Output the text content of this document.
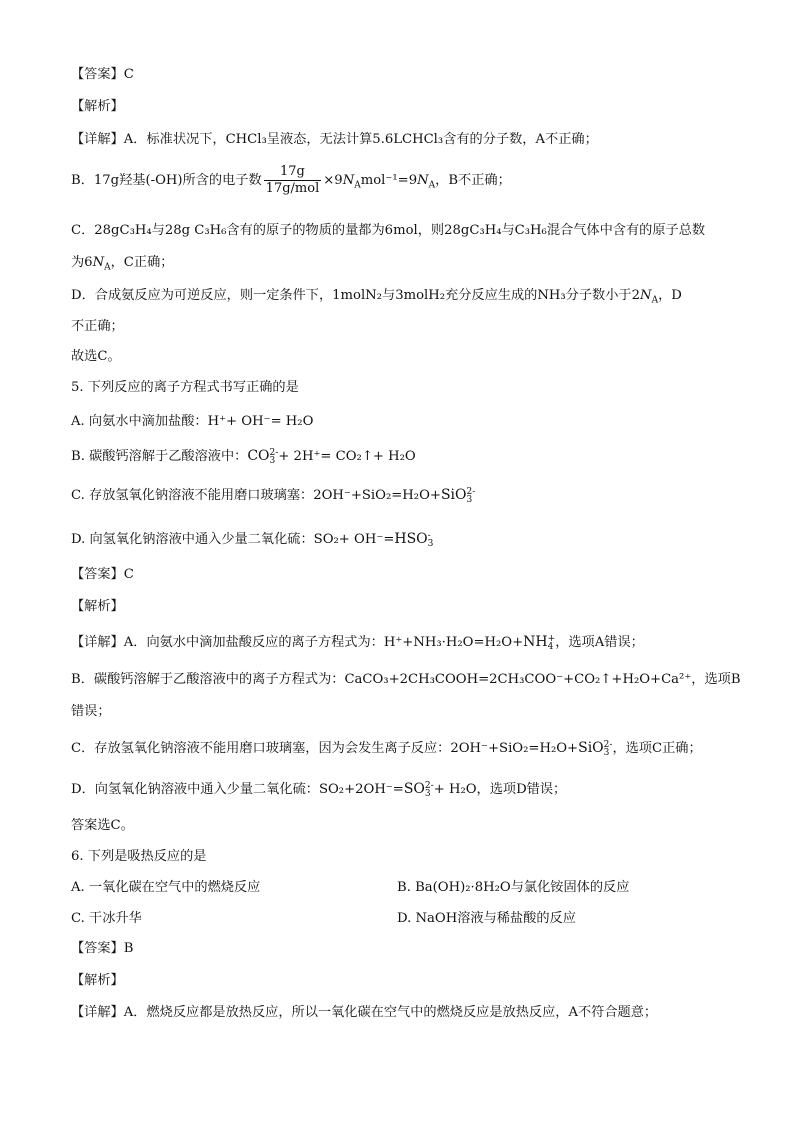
【答案】C
【解析】
【详解】A．标准状况下，CHCl₃呈液态，无法计算5.6LCHCl₃含有的分子数，A不正确；
B．17g羟基(-OH)所含的电子数 $\frac{17g}{\text{17g/mol}} \times 9N_Amol^{-1}=9N_A$，B不正确；
C．28gC₃H₄与28g C₃H₆含有的原子的物质的量都为6mol，则28gC₃H₄与C₃H₆混合气体中含有的原子总数
为$6N_A$，C正确；
D．合成氨反应为可逆反应，则一定条件下，1molN₂与3molH₂充分反应生成的NH₃分子数小于$2N_A$，D
不正确；
故选C。
5. 下列反应的离子方程式书写正确的是
A. 向氨水中滴加盐酸：H⁺+ OH⁻= H₂O
B. 碳酸钙溶解于乙酸溶液中：CO 2-
3 + 2H⁺= CO₂↑+ H₂O
C. 存放氢氧化钠溶液不能用磨口玻璃塞：2OH⁻+SiO₂=H₂O+SiO 2-
3
D. 向氢氧化钠溶液中通入少量二氧化硫：SO₂+ OH⁻=HSO -
3
【答案】C
【解析】
【详解】A．向氨水中滴加盐酸反应的离子方程式为：H⁺+NH₃·H₂O=H₂O+NH +
4 ，选项A错误；
B．碳酸钙溶解于乙酸溶液中的离子方程式为：CaCO₃+2CH₃COOH=2CH₃COO⁻+CO₂↑+H₂O+Ca²⁺，选项B
错误；
C．存放氢氧化钠溶液不能用磨口玻璃塞，因为会发生离子反应：2OH⁻+SiO₂=H₂O+SiO 2-
3 ，选项C正确；
D．向氢氧化钠溶液中通入少量二氧化硫：SO₂+2OH⁻=SO 2-
3 + H₂O，选项D错误；
答案选C。
6. 下列是吸热反应的是
A. 一氧化碳在空气中的燃烧反应	B. Ba(OH)₂·8H₂O与氯化铵固体的反应
C. 干冰升华	D. NaOH溶液与稀盐酸的反应
【答案】B
【解析】
【详解】A．燃烧反应都是放热反应，所以一氧化碳在空气中的燃烧反应是放热反应，A不符合题意；
